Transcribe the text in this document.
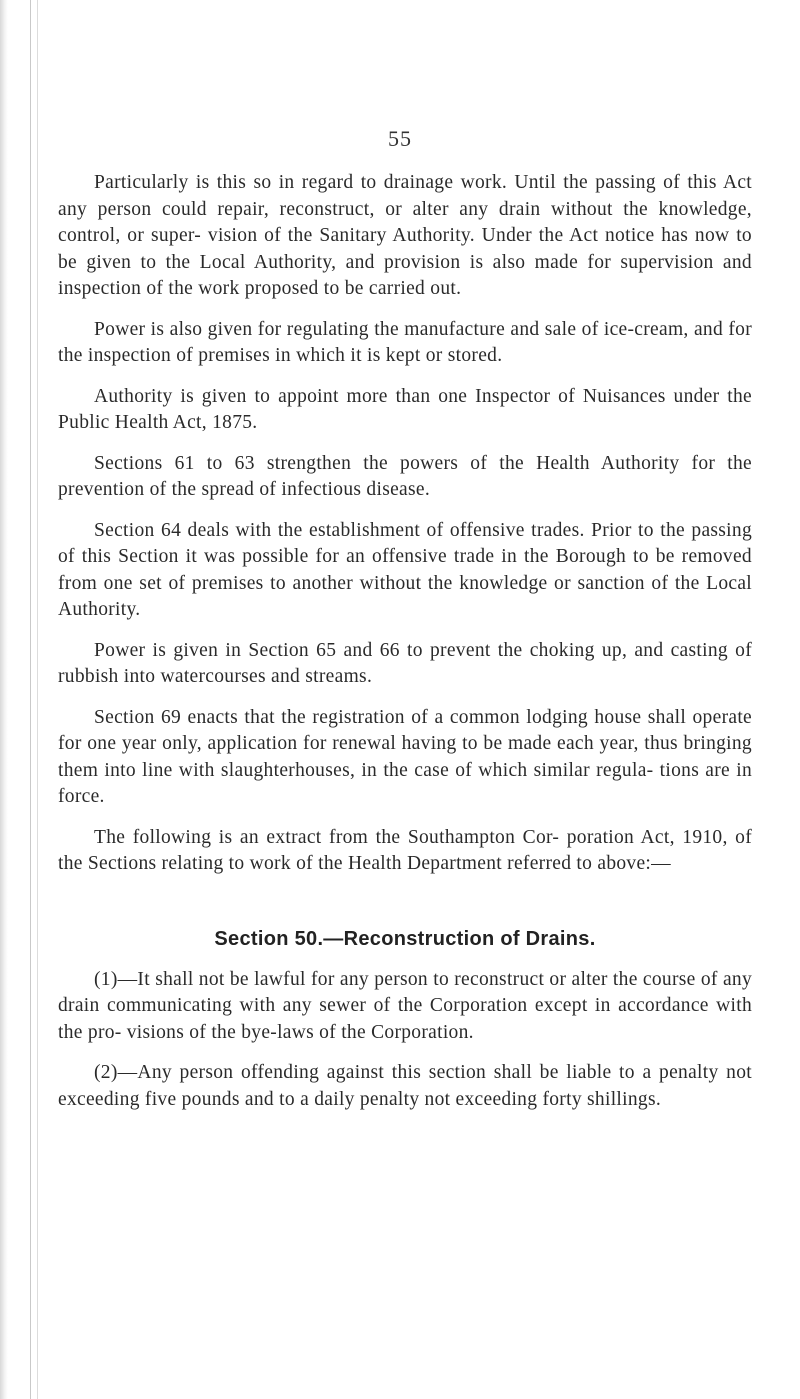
55

Particularly is this so in regard to drainage work. Until the passing of this Act any person could repair, reconstruct, or alter any drain without the knowledge, control, or super- vision of the Sanitary Authority. Under the Act notice has now to be given to the Local Authority, and provision is also made for supervision and inspection of the work proposed to be carried out.

Power is also given for regulating the manufacture and sale of ice-cream, and for the inspection of premises in which it is kept or stored.

Authority is given to appoint more than one Inspector of Nuisances under the Public Health Act, 1875.

Sections 61 to 63 strengthen the powers of the Health Authority for the prevention of the spread of infectious disease.

Section 64 deals with the establishment of offensive trades. Prior to the passing of this Section it was possible for an offensive trade in the Borough to be removed from one set of premises to another without the knowledge or sanction of the Local Authority.

Power is given in Section 65 and 66 to prevent the choking up, and casting of rubbish into watercourses and streams.

Section 69 enacts that the registration of a common lodging house shall operate for one year only, application for renewal having to be made each year, thus bringing them into line with slaughterhouses, in the case of which similar regula- tions are in force.

The following is an extract from the Southampton Cor- poration Act, 1910, of the Sections relating to work of the Health Department referred to above:—

Section 50.—Reconstruction of Drains.

(1)—It shall not be lawful for any person to reconstruct or alter the course of any drain communicating with any sewer of the Corporation except in accordance with the pro- visions of the bye-laws of the Corporation.

(2)—Any person offending against this section shall be liable to a penalty not exceeding five pounds and to a daily penalty not exceeding forty shillings.
